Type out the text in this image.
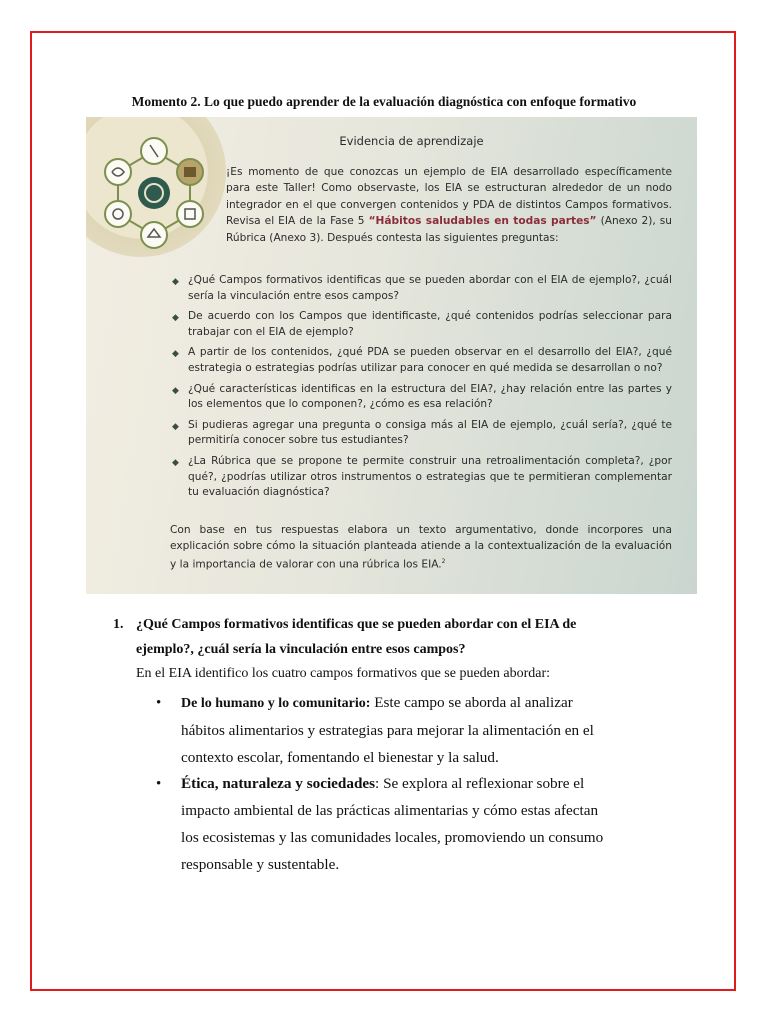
Momento 2. Lo que puedo aprender de la evaluación diagnóstica con enfoque formativo
Evidencia de aprendizaje
¡Es momento de que conozcas un ejemplo de EIA desarrollado específicamente para este Taller! Como observaste, los EIA se estructuran alrededor de un nodo integrador en el que convergen contenidos y PDA de distintos Campos formativos. Revisa el EIA de la Fase 5 “Hábitos saludables en todas partes” (Anexo 2), su Rúbrica (Anexo 3). Después contesta las siguientes preguntas:
◆ ¿Qué Campos formativos identificas que se pueden abordar con el EIA de ejemplo?, ¿cuál sería la vinculación entre esos campos?
◆ De acuerdo con los Campos que identificaste, ¿qué contenidos podrías seleccionar para trabajar con el EIA de ejemplo?
◆ A partir de los contenidos, ¿qué PDA se pueden observar en el desarrollo del EIA?, ¿qué estrategia o estrategias podrías utilizar para conocer en qué medida se desarrollan o no?
◆ ¿Qué características identificas en la estructura del EIA?, ¿hay relación entre las partes y los elementos que lo componen?, ¿cómo es esa relación?
◆ Si pudieras agregar una pregunta o consiga más al EIA de ejemplo, ¿cuál sería?, ¿qué te permitiría conocer sobre tus estudiantes?
◆ ¿La Rúbrica que se propone te permite construir una retroalimentación completa?, ¿por qué?, ¿podrías utilizar otros instrumentos o estrategias que te permitieran complementar tu evaluación diagnóstica?
Con base en tus respuestas elabora un texto argumentativo, donde incorpores una explicación sobre cómo la situación planteada atiende a la contextualización de la evaluación y la importancia de valorar con una rúbrica los EIA.$^2$
1. ¿Qué Campos formativos identificas que se pueden abordar con el EIA de ejemplo?, ¿cuál sería la vinculación entre esos campos?
En el EIA identifico los cuatro campos formativos que se pueden abordar:
• De lo humano y lo comunitario: Este campo se aborda al analizar hábitos alimentarios y estrategias para mejorar la alimentación en el contexto escolar, fomentando el bienestar y la salud.
• Ética, naturaleza y sociedades: Se explora al reflexionar sobre el impacto ambiental de las prácticas alimentarias y cómo estas afectan los ecosistemas y las comunidades locales, promoviendo un consumo responsable y sustentable.
